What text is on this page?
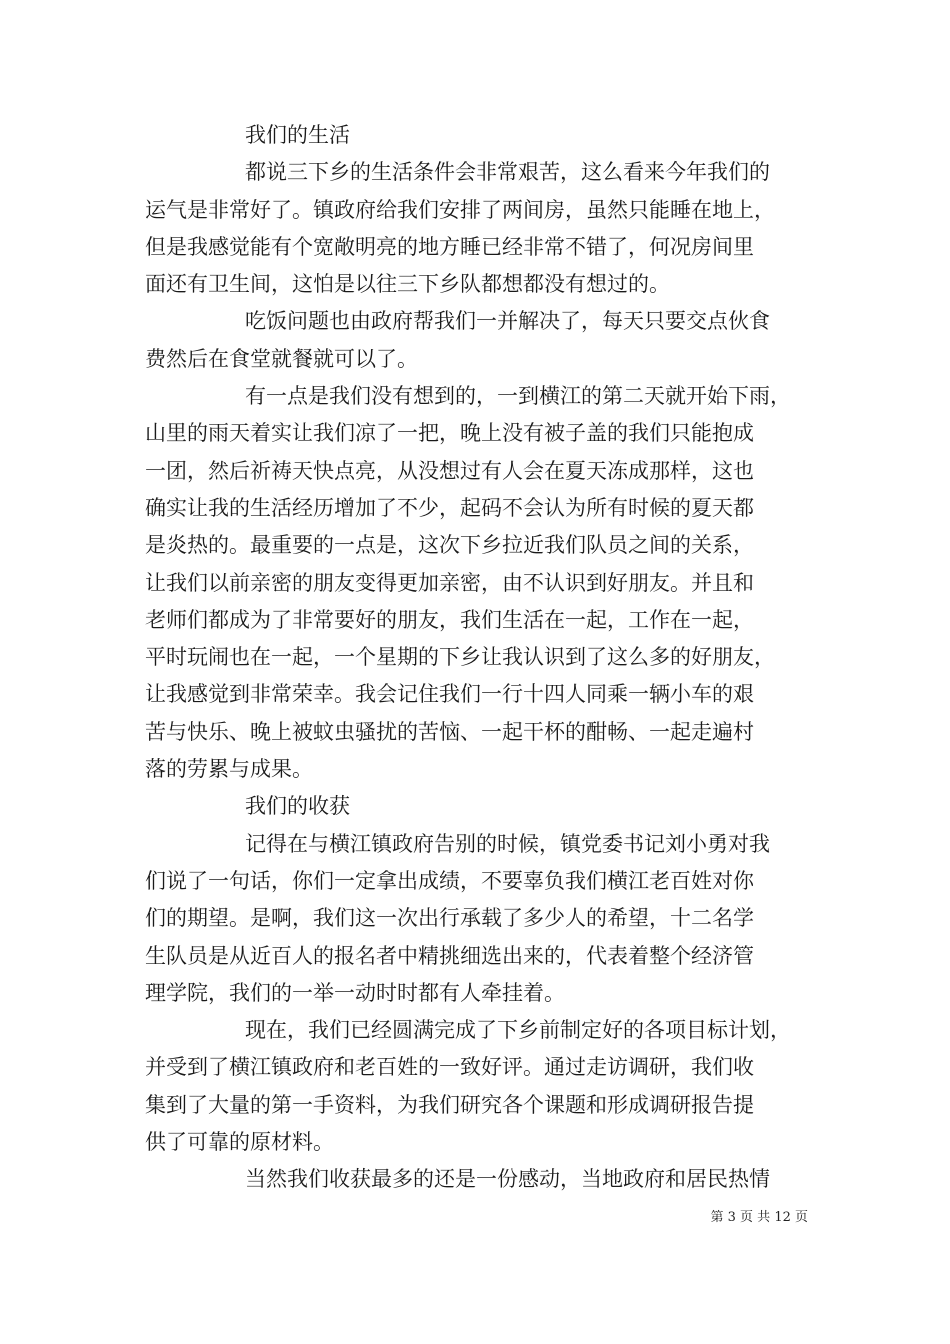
我们的生活
都说三下乡的生活条件会非常艰苦，这么看来今年我们的
运气是非常好了。镇政府给我们安排了两间房，虽然只能睡在地上，
但是我感觉能有个宽敞明亮的地方睡已经非常不错了，何况房间里
面还有卫生间，这怕是以往三下乡队都想都没有想过的。
吃饭问题也由政府帮我们一并解决了，每天只要交点伙食
费然后在食堂就餐就可以了。
有一点是我们没有想到的，一到横江的第二天就开始下雨，
山里的雨天着实让我们凉了一把，晚上没有被子盖的我们只能抱成
一团，然后祈祷天快点亮，从没想过有人会在夏天冻成那样，这也
确实让我的生活经历增加了不少，起码不会认为所有时候的夏天都
是炎热的。最重要的一点是，这次下乡拉近我们队员之间的关系，
让我们以前亲密的朋友变得更加亲密，由不认识到好朋友。并且和
老师们都成为了非常要好的朋友，我们生活在一起，工作在一起，
平时玩闹也在一起，一个星期的下乡让我认识到了这么多的好朋友，
让我感觉到非常荣幸。我会记住我们一行十四人同乘一辆小车的艰
苦与快乐、晚上被蚊虫骚扰的苦恼、一起干杯的酣畅、一起走遍村
落的劳累与成果。
我们的收获
记得在与横江镇政府告别的时候，镇党委书记刘小勇对我
们说了一句话，你们一定拿出成绩，不要辜负我们横江老百姓对你
们的期望。是啊，我们这一次出行承载了多少人的希望，十二名学
生队员是从近百人的报名者中精挑细选出来的，代表着整个经济管
理学院，我们的一举一动时时都有人牵挂着。
现在，我们已经圆满完成了下乡前制定好的各项目标计划，
并受到了横江镇政府和老百姓的一致好评。通过走访调研，我们收
集到了大量的第一手资料，为我们研究各个课题和形成调研报告提
供了可靠的原材料。
当然我们收获最多的还是一份感动，当地政府和居民热情
第 3 页 共 12 页
